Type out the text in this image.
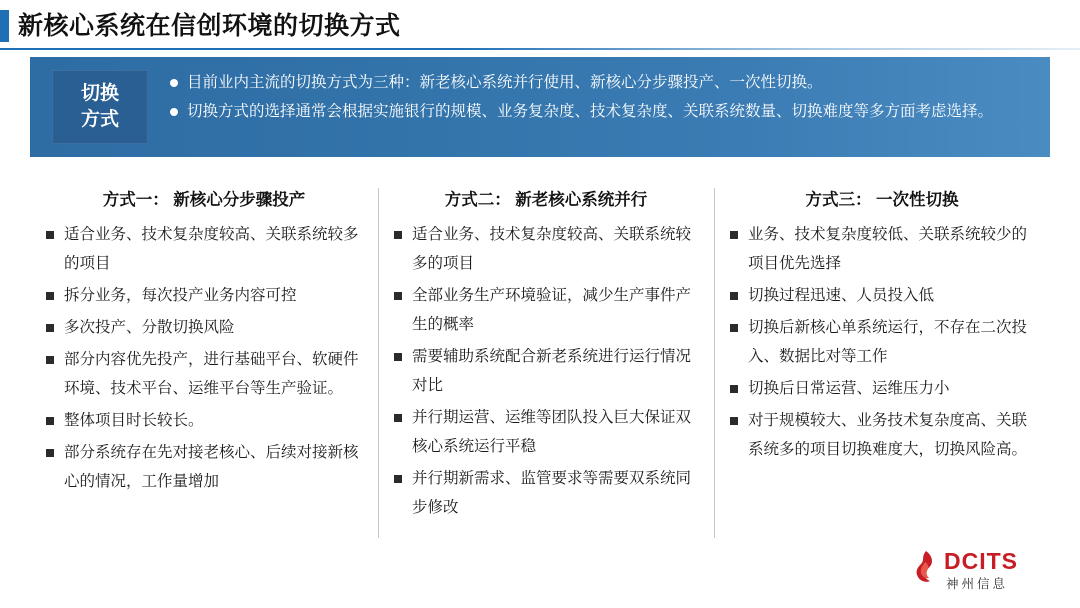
新核心系统在信创环境的切换方式
切换
方式
目前业内主流的切换方式为三种：新老核心系统并行使用、新核心分步骤投产、一次性切换。
切换方式的选择通常会根据实施银行的规模、业务复杂度、技术复杂度、关联系统数量、切换难度等多方面考虑选择。
方式一： 新核心分步骤投产
适合业务、技术复杂度较高、关联系统较多的项目
拆分业务，每次投产业务内容可控
多次投产、分散切换风险
部分内容优先投产，进行基础平台、软硬件环境、技术平台、运维平台等生产验证。
整体项目时长较长。
部分系统存在先对接老核心、后续对接新核心的情况，工作量增加
方式二： 新老核心系统并行
适合业务、技术复杂度较高、关联系统较多的项目
全部业务生产环境验证，减少生产事件产生的概率
需要辅助系统配合新老系统进行运行情况对比
并行期运营、运维等团队投入巨大保证双核心系统运行平稳
并行期新需求、监管要求等需要双系统同步修改
方式三： 一次性切换
业务、技术复杂度较低、关联系统较少的项目优先选择
切换过程迅速、人员投入低
切换后新核心单系统运行，不存在二次投入、数据比对等工作
切换后日常运营、运维压力小
对于规模较大、业务技术复杂度高、关联系统多的项目切换难度大，切换风险高。
DCITS
神州信息
